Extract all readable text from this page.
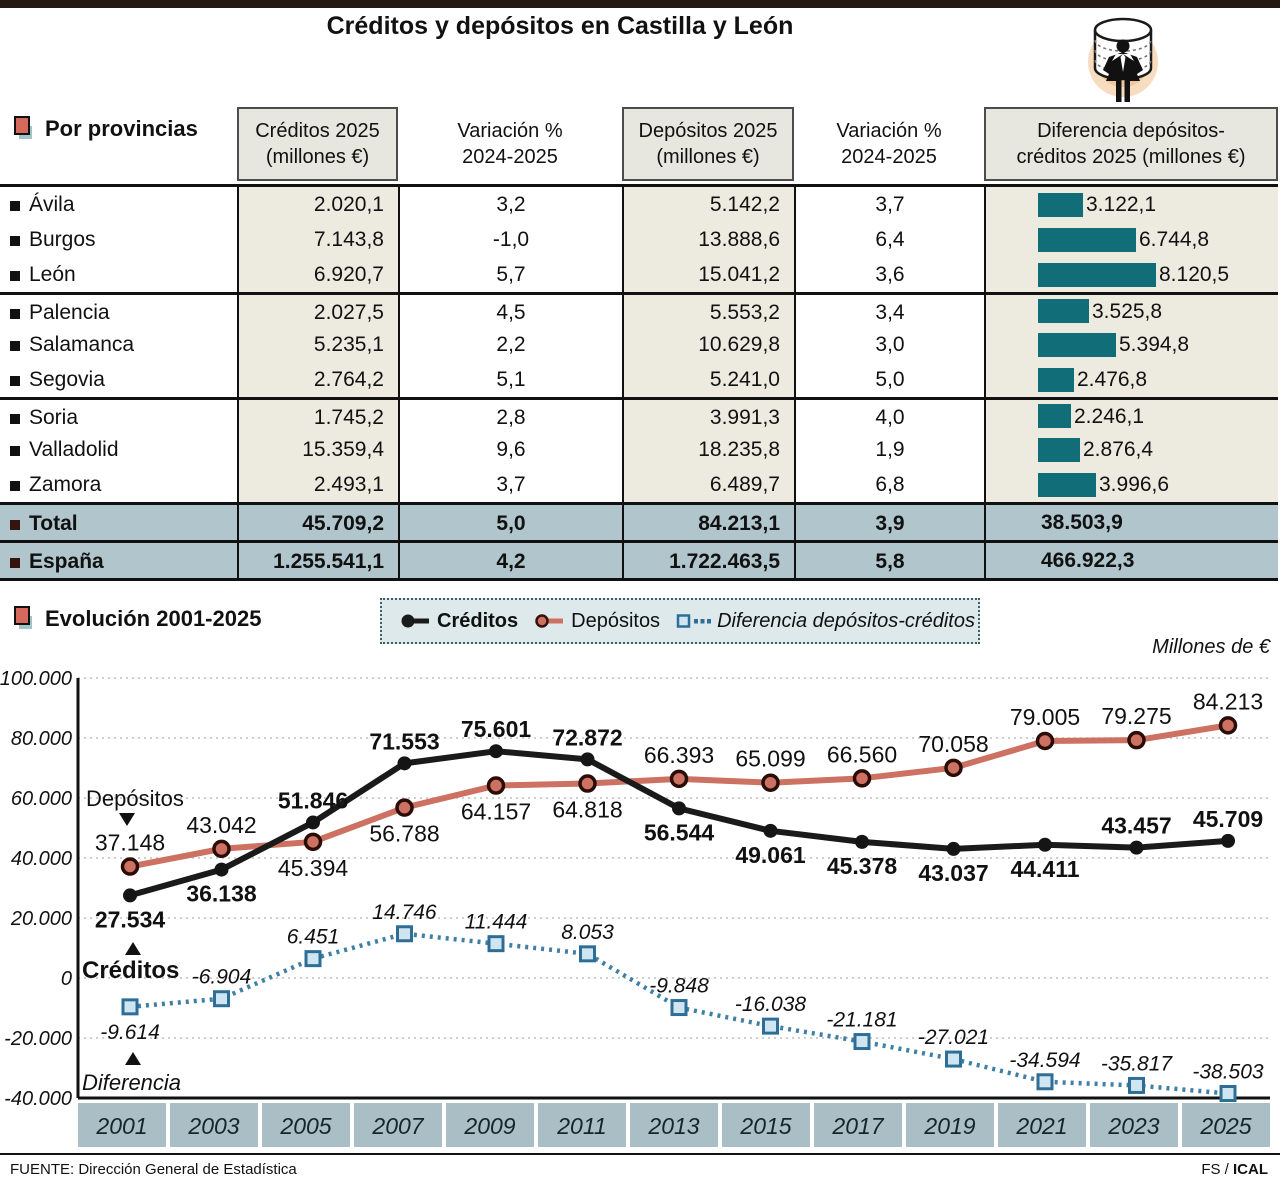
Créditos y depósitos en Castilla y León
Por provincias	Créditos 2025
(millones €)
Variación %
2024-2025
Depósitos 2025
(millones €)
Variación %
2024-2025
Diferencia depósitos-
créditos 2025 (millones €)
Ávila	2.020,1	3,2	5.142,2	3,7	3.122,1
Burgos	7.143,8	-1,0	13.888,6	6,4	6.744,8
León	6.920,7	5,7	15.041,2	3,6	8.120,5
Palencia	2.027,5	4,5	5.553,2	3,4	3.525,8
Salamanca	5.235,1	2,2	10.629,8	3,0	5.394,8
Segovia	2.764,2	5,1	5.241,0	5,0	2.476,8
Soria	1.745,2	2,8	3.991,3	4,0	2.246,1
Valladolid	15.359,4	9,6	18.235,8	1,9	2.876,4
Zamora	2.493,1	3,7	6.489,7	6,8	3.996,6
Total	45.709,2	5,0	84.213,1	3,9	38.503,9
España	1.255.541,1	4,2	1.722.463,5	5,8	466.922,3
Evolución 2001-2025	Créditos	Depósitos	Diferencia depósitos-créditos
Millones de €
100.000
80.000
60.000
40.000
20.000
0
-20.000
-40.000
2001 2003 2005 2007 2009 2011 2013 2015 2017 2019 2021 2023 2025
-9.614
-6.904
6.451
14.746 11.444 8.053
-9.848
-16.038
-21.181
-27.021
-34.594 -35.817 -38.503
37.148
43.042
45.394
56.788
64.157 64.818
66.393 65.099 66.560 70.058
79.005 79.275
84.213
27.534
36.138
51.846
71.553 75.601 72.872
56.544
49.061 45.378 43.037 44.411
43.457 45.709
Depósitos
Créditos
Diferencia
FUENTE: Dirección General de Estadística	FS / ICAL
